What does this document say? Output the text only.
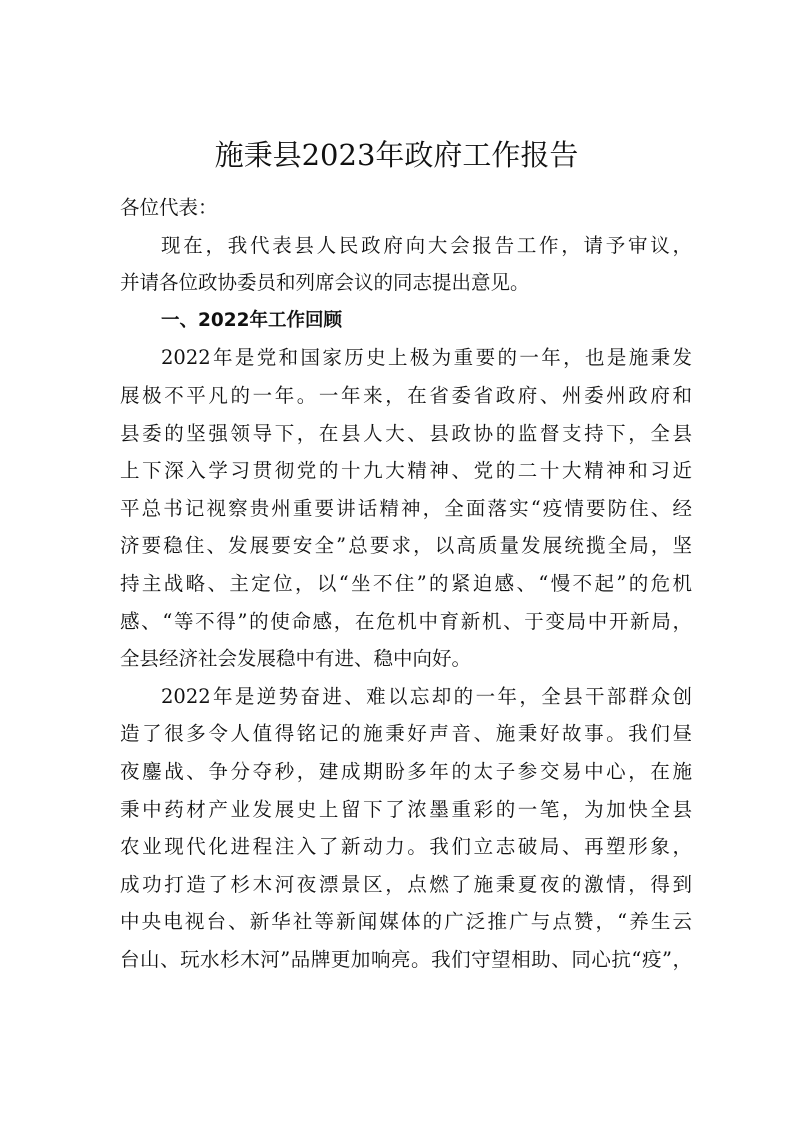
施秉县2023年政府工作报告
各位代表：
现在，我代表县人民政府向大会报告工作，请予审议，
并请各位政协委员和列席会议的同志提出意见。
一、2022年工作回顾
2022年是党和国家历史上极为重要的一年，也是施秉发
展极不平凡的一年。一年来，在省委省政府、州委州政府和
县委的坚强领导下，在县人大、县政协的监督支持下，全县
上下深入学习贯彻党的十九大精神、党的二十大精神和习近
平总书记视察贵州重要讲话精神，全面落实“疫情要防住、经
济要稳住、发展要安全”总要求，以高质量发展统揽全局，坚
持主战略、主定位，以“坐不住”的紧迫感、“慢不起”的危机
感、“等不得”的使命感，在危机中育新机、于变局中开新局，
全县经济社会发展稳中有进、稳中向好。
2022年是逆势奋进、难以忘却的一年，全县干部群众创
造了很多令人值得铭记的施秉好声音、施秉好故事。我们昼
夜鏖战、争分夺秒，建成期盼多年的太子参交易中心，在施
秉中药材产业发展史上留下了浓墨重彩的一笔，为加快全县
农业现代化进程注入了新动力。我们立志破局、再塑形象，
成功打造了杉木河夜漂景区，点燃了施秉夏夜的激情，得到
中央电视台、新华社等新闻媒体的广泛推广与点赞，“养生云
台山、玩水杉木河”品牌更加响亮。我们守望相助、同心抗“疫”，
